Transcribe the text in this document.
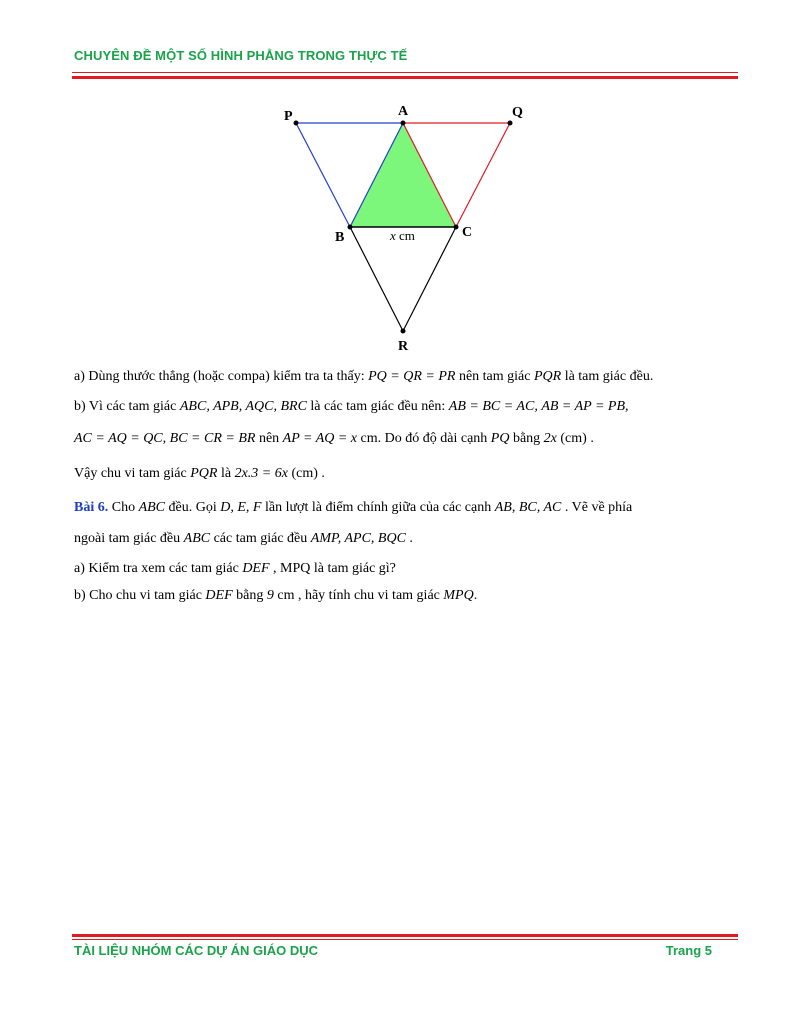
CHUYÊN ĐỀ MỘT SỐ HÌNH PHẲNG TRONG THỰC TẾ

P	A	Q
B	C
R
x cm

a) Dùng thước thẳng (hoặc compa) kiểm tra ta thấy: PQ = QR = PR nên tam giác PQR là tam giác đều.

b) Vì các tam giác ABC, APB, AQC, BRC là các tam giác đều nên: AB = BC = AC, AB = AP = PB,

AC = AQ = QC, BC = CR = BR nên AP = AQ = x cm. Do đó độ dài cạnh PQ bằng 2x (cm) .

Vậy chu vi tam giác PQR là 2x.3 = 6x (cm) .

Bài 6. Cho ABC đều. Gọi D, E, F lần lượt là điểm chính giữa của các cạnh AB, BC, AC . Vẽ về phía

ngoài tam giác đều ABC các tam giác đều AMP, APC, BQC .

a) Kiểm tra xem các tam giác DEF , MPQ là tam giác gì?

b) Cho chu vi tam giác DEF bằng 9 cm , hãy tính chu vi tam giác MPQ.

TÀI LIỆU NHÓM CÁC DỰ ÁN GIÁO DỤC	Trang 5
